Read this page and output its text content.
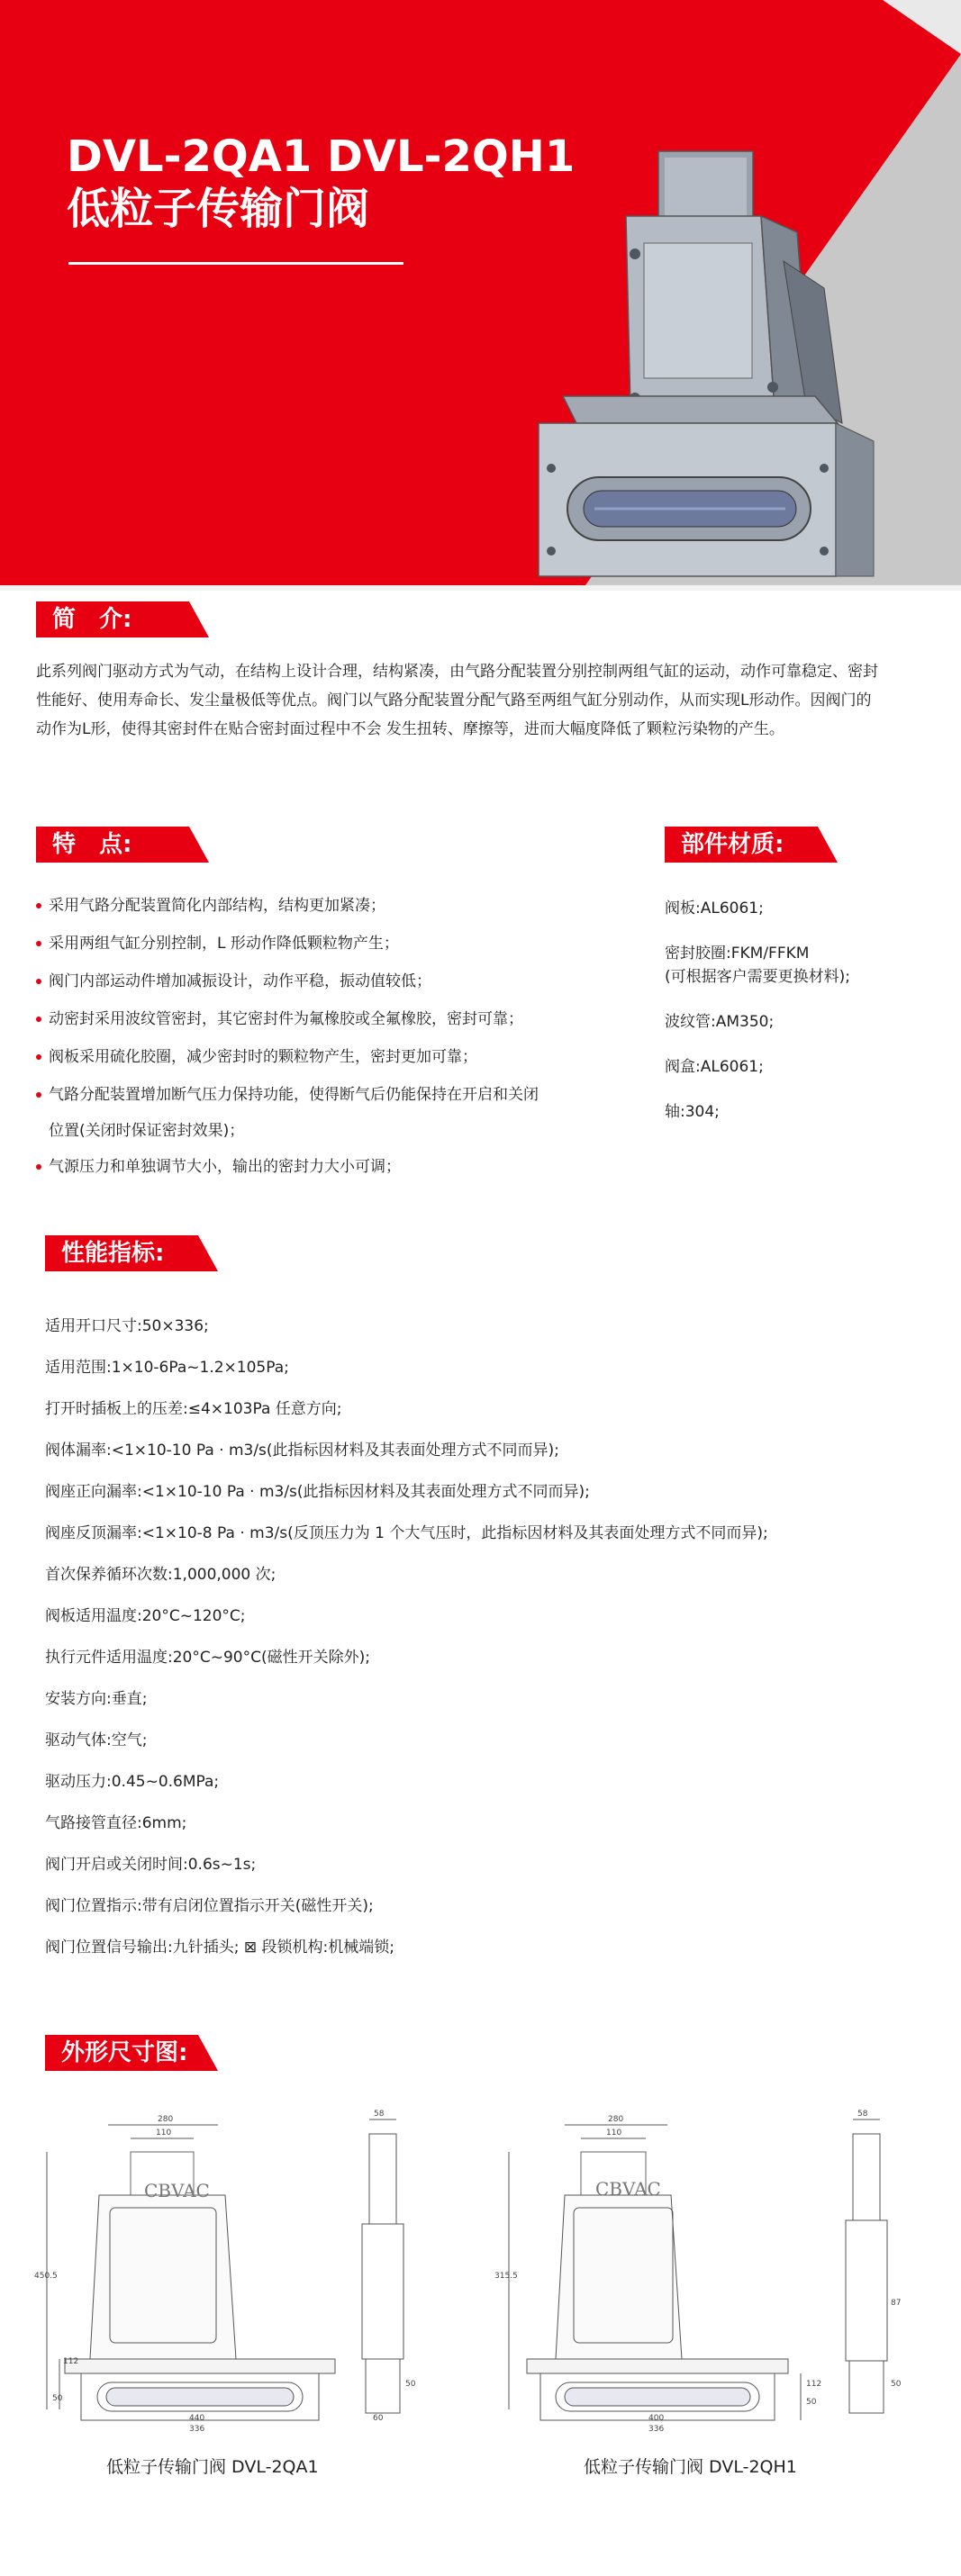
DVL-2QA1 DVL-2QH1
低粒子传输门阀
简　介:
此系列阀门驱动方式为气动，在结构上设计合理，结构紧凑，由气路分配装置分别控制两组气缸的运动，动作可靠稳定、密封
性能好、使用寿命长、发尘量极低等优点。阀门以气路分配装置分配气路至两组气缸分别动作，从而实现L形动作。因阀门的
动作为L形，使得其密封件在贴合密封面过程中不会 发生扭转、摩擦等，进而大幅度降低了颗粒污染物的产生。
特　点:
采用气路分配装置简化内部结构，结构更加紧凑；
采用两组气缸分别控制，L 形动作降低颗粒物产生；
阀门内部运动件增加减振设计，动作平稳，振动值较低；
动密封采用波纹管密封，其它密封件为氟橡胶或全氟橡胶，密封可靠；
阀板采用硫化胶圈，减少密封时的颗粒物产生，密封更加可靠；
气路分配装置增加断气压力保持功能，使得断气后仍能保持在开启和关闭
位置(关闭时保证密封效果)；
气源压力和单独调节大小，输出的密封力大小可调；
部件材质:
阀板:AL6061;
密封胶圈:FKM/FFKM
(可根据客户需要更换材料);
波纹管:AM350;
阀盒:AL6061;
轴:304;
性能指标:
适用开口尺寸:50×336;
适用范围:1×10-6Pa~1.2×105Pa;
打开时插板上的压差:≤4×103Pa 任意方向;
阀体漏率:<1×10-10 Pa · m3/s(此指标因材料及其表面处理方式不同而异);
阀座正向漏率:<1×10-10 Pa · m3/s(此指标因材料及其表面处理方式不同而异);
阀座反顶漏率:<1×10-8 Pa · m3/s(反顶压力为 1 个大气压时，此指标因材料及其表面处理方式不同而异);
首次保养循环次数:1,000,000 次;
阀板适用温度:20°C~120°C;
执行元件适用温度:20°C~90°C(磁性开关除外);
安装方向:垂直;
驱动气体:空气;
驱动压力:0.45~0.6MPa;
气路接管直径:6mm;
阀门开启或关闭时间:0.6s~1s;
阀门位置指示:带有启闭位置指示开关(磁性开关);
阀门位置信号输出:九针插头; ⊠ 段锁机构:机械端锁;
外形尺寸图:
CBVAC
280
110
450.5
112
50
336
440
58
60
50
CBVAC
280
110
315.5
112
50
336
400
58
87
50
低粒子传输门阀 DVL-2QA1	低粒子传输门阀 DVL-2QH1
